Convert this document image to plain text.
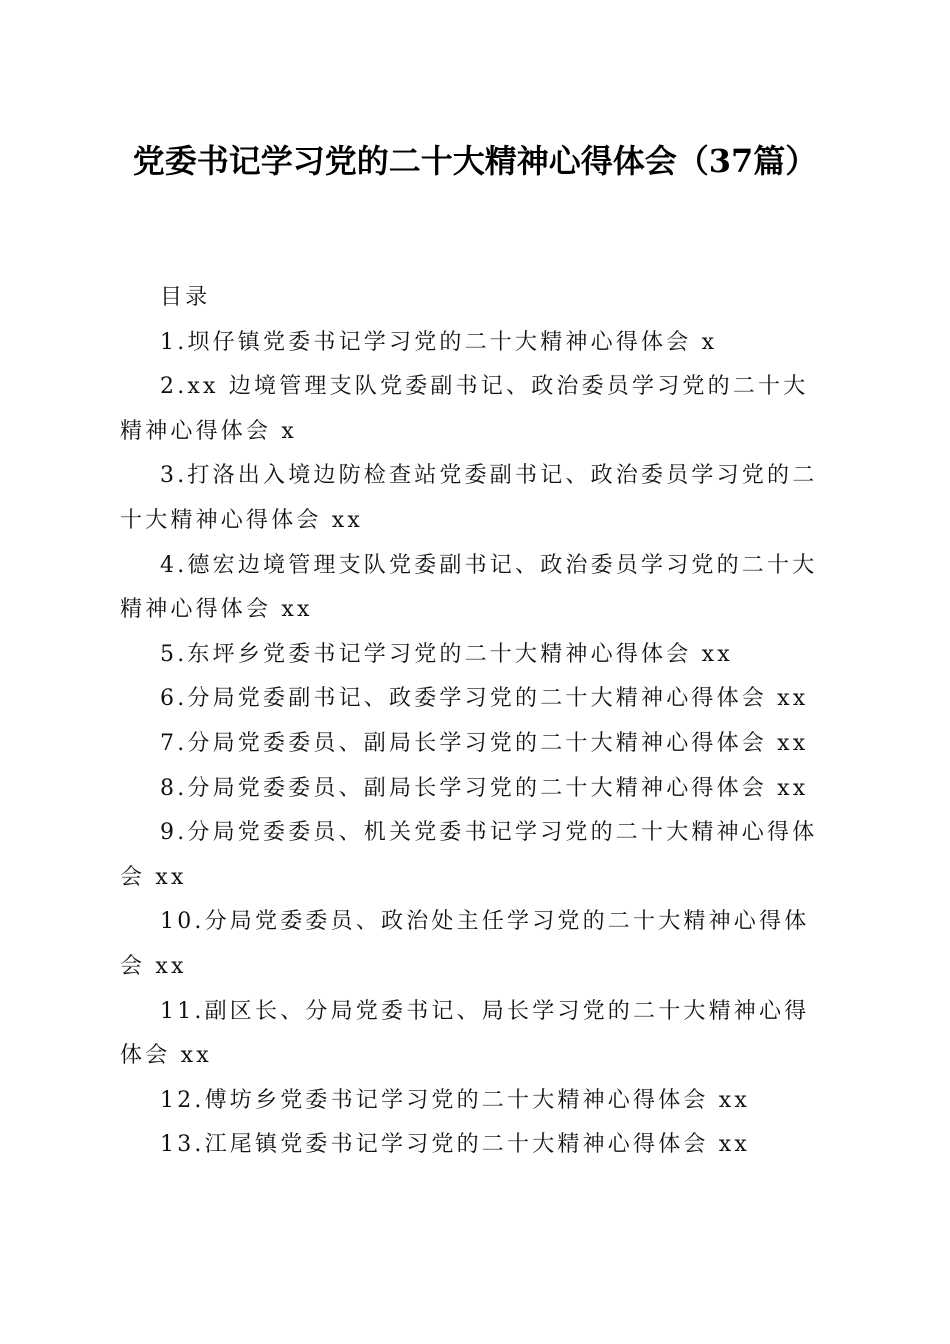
党委书记学习党的二十大精神心得体会（37篇）

目录

1.坝仔镇党委书记学习党的二十大精神心得体会 x

2.xx 边境管理支队党委副书记、政治委员学习党的二十大精神心得体会 x

3.打洛出入境边防检查站党委副书记、政治委员学习党的二十大精神心得体会 xx

4.德宏边境管理支队党委副书记、政治委员学习党的二十大精神心得体会 xx

5.东坪乡党委书记学习党的二十大精神心得体会 xx

6.分局党委副书记、政委学习党的二十大精神心得体会 xx

7.分局党委委员、副局长学习党的二十大精神心得体会 xx

8.分局党委委员、副局长学习党的二十大精神心得体会 xx

9.分局党委委员、机关党委书记学习党的二十大精神心得体会 xx

10.分局党委委员、政治处主任学习党的二十大精神心得体会 xx

11.副区长、分局党委书记、局长学习党的二十大精神心得体会 xx

12.傅坊乡党委书记学习党的二十大精神心得体会 xx

13.江尾镇党委书记学习党的二十大精神心得体会 xx
